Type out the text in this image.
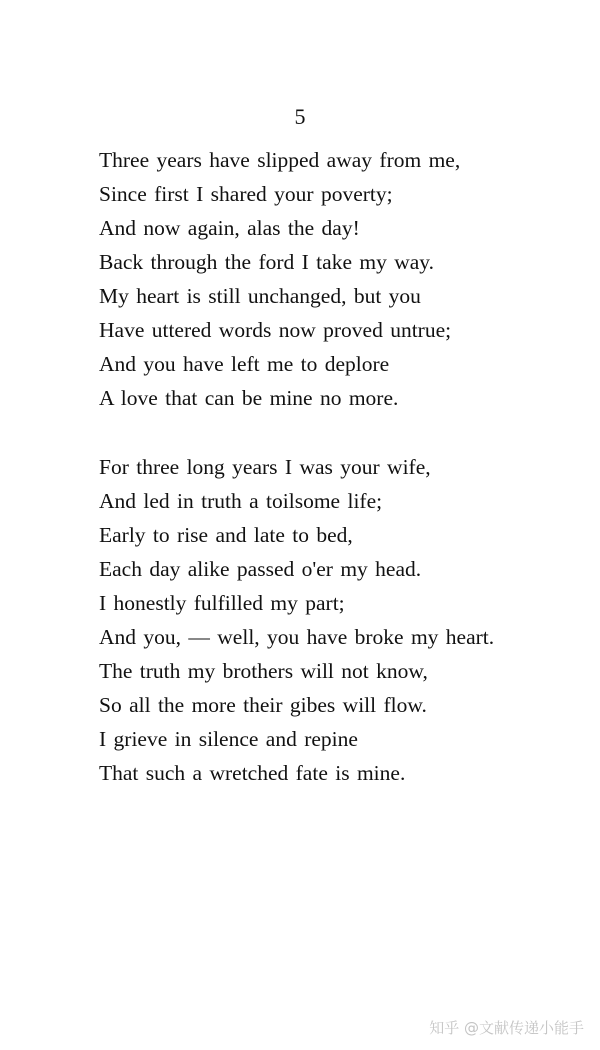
5
Three years have slipped away from me,
Since first I shared your poverty;
And now again, alas the day!
Back through the ford I take my way.
My heart is still unchanged, but you
Have uttered words now proved untrue;
And you have left me to deplore
A love that can be mine no more.
For three long years I was your wife,
And led in truth a toilsome life;
Early to rise and late to bed,
Each day alike passed o'er my head.
I honestly fulfilled my part;
And you, — well, you have broke my heart.
The truth my brothers will not know,
So all the more their gibes will flow.
I grieve in silence and repine
That such a wretched fate is mine.
知乎 @文献传递小能手
